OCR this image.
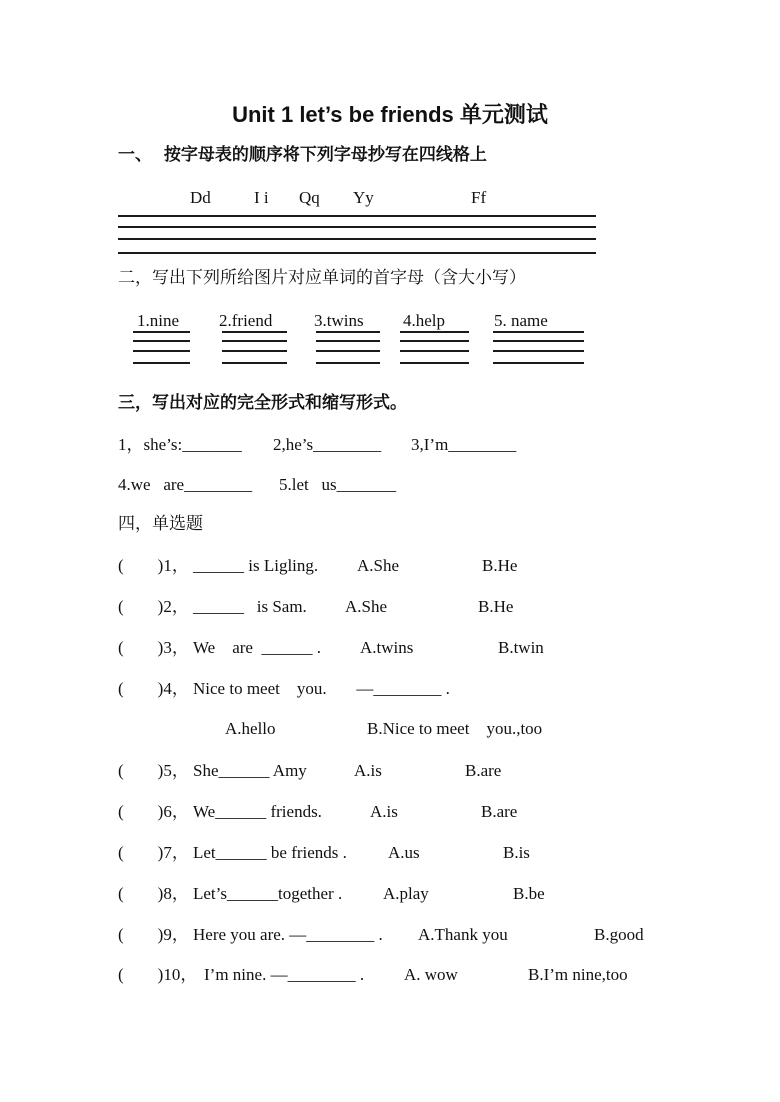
Unit 1 let’s be friends 单元测试
一、  按字母表的顺序将下列字母抄写在四线格上
Dd	I i Qq Yy	Ff
二，写出下列所给图片对应单词的首字母（含大小写）
1.nine 2.friend 3.twins 4.help	5. name
三，写出对应的完全形式和缩写形式。
1，she’s:_______ 2,he’s________ 3,I’m________
4.we   are________ 5.let   us_______
四，单选题
(        )1， ______ is Ligling. A.She	B.He
(        )2， ______   is Sam. A.She	B.He
(        )3， We    are  ______ . A.twins	B.twin
(        )4， Nice to meet    you.       —________ .
A.hello	B.Nice to meet    you.,too
(        )5， She______ Amy	A.is	B.are
(        )6， We______ friends.	A.is	B.are
(        )7， Let______ be friends . A.us	B.is
(        )8， Let’s______together . A.play	B.be
(        )9， Here you are. —________ . A.Thank you	B.good
(        )10， I’m nine. —________ . A. wow	B.I’m nine,too
